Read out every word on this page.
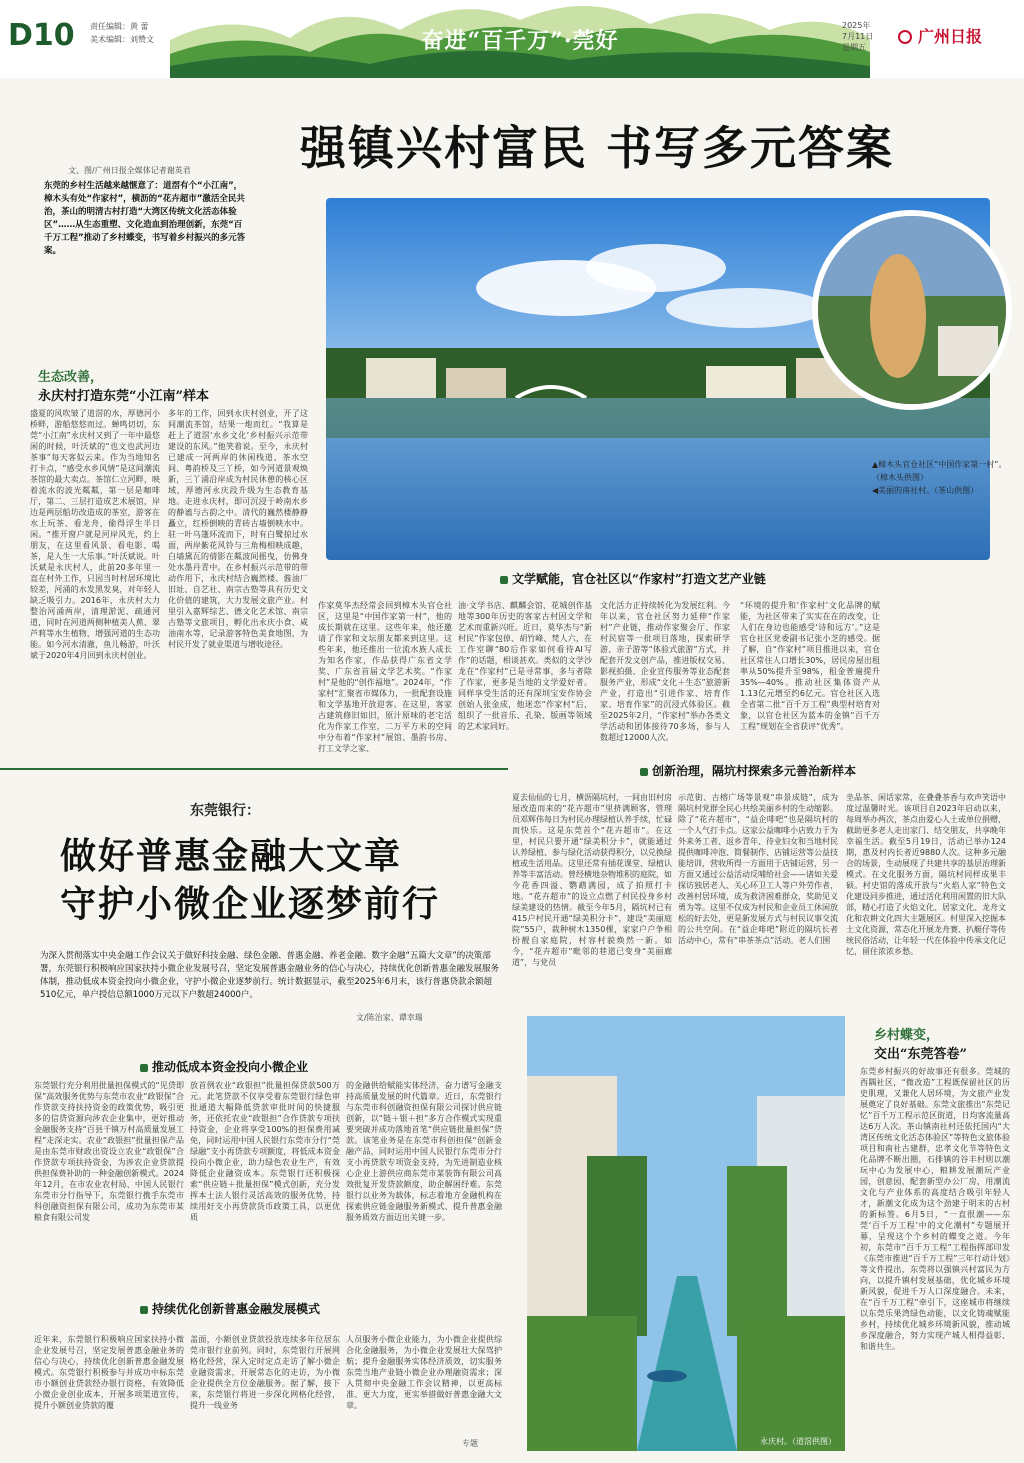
D10	责任编辑：黄 蕾
美术编辑：刘赞文	奋进“百千万”·莞好
2025年
7月11日
星期五
广州日报
强镇兴村富民 书写多元答案
文、图/广州日报全媒体记者谢英君
东莞的乡村生活越来越惬意了：道滘有个“小江南”，樟木头有处“作家村”，横沥的“花卉超市”激活全民共治，茶山的明清古村打造“大湾区传统文化活态体验区”……从生态重塑、文化造血到治理创新，东莞“百千万工程”推动了乡村蝶变，书写着乡村振兴的多元答案。
▲樟木头官仓社区“中国作家第一村”。（樟木头供图）
◀美丽的南社村。（茶山供图）
生态改善，
永庆村打造东莞“小江南”样本
盛夏的风吹皱了道滘的水，厚德河小桥畔，游船悠悠而过。蝉鸣切切，东莞“小江南”永庆村又到了一年中最悠闲的时候，叶沃斌的“也文也武河边茶事”每天客似云来。作为当地知名打卡点，“感受水乡风情”是这间潮流茶馆的最大卖点。茶馆仁立河畔，映着流水的波光粼粼，第一层是咖啡厅，第二、三层打造成艺术展馆，岸边是两层船坊改造成的茶室，游客在水上玩茶、看龙舟，偷得浮生半日闲。“推开窗户就是河岸风光，约上朋友，在这里看风景、看电影、喝茶，是人生一大乐事。”叶沃斌说。叶沃斌是永庆村人，此前20多年里一直在村外工作，只因当时村居环境比较差，河涌的水发黑发臭，对年轻人缺乏吸引力。2016年，永庆村大力整治河涌两岸，清理淤泥、疏通河道，同时在河道两侧种植美人蕉、翠芦莉等水生植物，增强河道的生态功能。如今河水清澈，鱼儿畅游，叶沃斌于2020年4月回到永庆村创业。
多年的工作，回到永庆村创业，开了这间潮流茶馆，结果一炮而红。“我算是赶上了道滘‘水乡文化’乡村振兴示范带建设的东风。”他笑着说。至今，永庆村已建成一河两岸的休闲栈道、茶水空间、粤韵桥及三丫桥，如今河道景观焕新，三丫涌沿岸成为村民休憩的核心区域，厚德河永庆段升级为生态教育基地。走进永庆村，即可沉浸于岭南水乡的静谧与古韵之中。清代的巍然楼静静矗立，红桥倒映的青砖古墙倒映水中。驻一叶乌篷环流而下，时有白鹭掠过水面，两岸紫花风铃与三角梅相映成趣，白墙黛瓦的倩影在粼波间摇曳，仿佛身处水墨丹青中。在乡村振兴示范带的带动作用下，永庆村结合巍然楼、酱油厂旧址、自艺社、南宗古塾等具有历史文化价值的建筑，大力发展文旅产业。村里引入嘉辉综艺、德文化艺术馆、南宗古塾等文旅项目，孵化出永庆小食、咸油南水等，记录游客特色美食地图，为村民开发了就业渠道与增收途径。
文学赋能，官仓社区以“作家村”打造文艺产业链
作家莫华杰经常会回到樟木头官仓社区，这里是“中国作家第一村”，他的成长期就在这里。这些年来，他还邀请了作家和文坛朋友都来到这里。这些年来，他还推出一位流水族人成长为知名作家，作品获得广东省文学奖、广东省首届文学艺术奖。“作家村”是他的“创作福地”。2024年，“作家村”汇聚省市媒体力，一批配套设施和文学基地开放迎客。在这里，客家古建筑修旧如旧，原汁原味的老宅活化为作家工作室，二万平方米的空间中分布着“作家村”展馆、墨韵书房、打工文学之家、
油·文学书店、麒麟会馆、花城创作基地等300年历史的客家古村因文学和艺术而重新兴旺。近日，莫华杰与“新村民”作家包倬、胡竹峰、梵人六，在工作室聊“80后作家如何看待AI写作”的话题，相谈甚欢。类似的文学沙龙在“作家村”已是寻常事，多与者除了作家，更多是当地的文学爱好者。同样享受生活的还有深圳宝安作协会创始人张金成，他迷恋“作家村”后，组织了一批音乐、孔染、版画等领域的艺术家同好。
文化活力正持续转化为发展红利。今年以来，官仓社区努力延伸“作家村”产业链，推动作家聚会厅、作家村民宿等一批项目落地，探索研学游、亲子游等“体验式旅游”方式，并配套开发文创产品，推进版权交易、影视拍摄、企业宣传服务等业态配套服务产业，形成“文化＋生态”旅游新产业，打造出“引进作家、培育作家、培育作家”的沉浸式体验区。截至2025年2月，“作家村”举办各类文学活动和团体接待70多场，参与人数超过12000人次。
“环境的提升和‘作家村’文化品牌的赋能，为社区带来了实实在在的改变，让人们在身边也能感受‘诗和远方’。”这是官仓社区党委副书记张小芝的感受。据了解，自“作家村”项目推进以来，官仓社区常住人口增长30%，居民房屋出租率从50%提升至98%，租金普遍提升35%—40%。推动社区集体资产从1.13亿元增至约6亿元。官仓社区入选全省第二批“百千万工程”典型村培育对象，以官仓社区为蓝本的金镇“百千万工程”规划在全省获评“优秀”。
创新治理，隔坑村探索多元善治新样本
夏去仙仙的七月，横沥隔坑村，一间由旧村房屋改造而来的“花卉超市”里挤满顾客，管理员邓辉伟每日为村民办理绿植认养手续，忙碌而快乐。这是东莞首个“花卉超市”。在这里，村民只要开通“绿美积分卡”，就能通过认养绿植、参与绿化活动获得积分，以兑换绿植或生活用品。这里还常有插花课堂、绿植认养等丰富活动。曾经横地杂物堆积的庭院，如今花香四溢、鹦鹉满园，成了拍照打卡地。“花卉超市”的设立点燃了村民投身乡村绿美建设的热情。截至今年5月，隔坑村已有415户村民开通“绿美积分卡”，建设“美丽庭院”55户，栽种树木1350棵，家家户户争相扮靓自家庭院，村容村貌焕然一新。如今，“花卉超市”毗邻的巷道已变身“美丽廊道”，与党员
示范街、古榕广场等景观“串景成链”，成为隔坑村党群全民心共绘美丽乡村的生动缩影。除了“花卉超市”，“益企啡吧”也是隔坑村的一个人气打卡点。这家公益咖啡小店致力于为外来务工者、返乡青年、待业妇女和当地村民提供咖啡冲泡、简餐制作、店铺运营等公益技能培训，营收所得一方面用于店铺运营，另一方面又通过公益活动反哺给社会——诸如关爱探访独居老人、关心环卫工人等户外劳作者，改善村居环境，成为救济困难群众，奖助见义勇为等。这里不仅成为村民和企业员工休闲放松的好去处，更是新发展方式与村民议事交流的公共空间。在“益企啡吧”附近的隔坑长者活动中心，常有“串茶茶点”活动。老人们围
坐品茶、闲话家常，在叠叠茶香与欢声笑语中度过温馨时光。该项目自2023年启动以来，每周举办两次，茶点由爱心人士或单位捐赠，截助更多老人走出家门、结交朋友，共享晚年幸福生活。截至5月19日，活动已举办124期，惠及村内长者近9880人次。这种多元融合的场景，生动展现了共建共享的基层治理新模式。在文化服务方面，隔坑村同样成果丰硕。村史馆的落成开放与“火焰人家”特色文化建设同步推进，通过活化利用闲置的旧大队部，精心打造了火焰文化、居家文化、龙舟文化和农耕文化四大主题展区。村里深入挖掘本土文化资源，常态化开展龙舟赛、扒艇仔等传统民俗活动，让年轻一代在体验中传承文化记忆，留住浓浓乡愁。
永庆村。（道滘供图）
乡村蝶变，
交出“东莞答卷”
东莞乡村振兴的好故事还有很多。莞城的西隅社区，“微改造”工程既保留社区的历史肌理，又兼化人居环境，为文旅产业发展奠定了良好基础。东莞文旅推出“东莞记忆”百千万工程示范区街道，日均客流量高达6万人次。茶山镇南社村还依托国内“大湾区传统文化活态体验区”等特色文旅体验项目和南社古建群，忠孝文化节等特色文化品牌不断出圈，石排镇的谷丰村则以潮玩中心为发展中心，粮耕发展潮玩产业园，创意园，配套新型办公厂房，用潮流文化与产业体系的高度结合吸引年轻人才，新潮文化成为这个劲建于明末的古村的新标签。6月5日，“一直很潮——东莞‘百千万工程’中的文化潮村”专题展开幕，呈现这个个乡村的蝶变之道。今年初，东莞市“百千万工程”工程指挥部印发《东莞市推进“百千万工程”三年行动计划》等文件提出，东莞将以强镇兴村富民为方向，以提升镇村发展基础，优化城乡环境新风貌，促进千万人口深度融合。未来，在“百千万工程”牵引下，这座城市将继续以东莞乐果湾绿色动能，以文化铸魂赋能乡村，持续优化城乡环境新风貌，推动城乡深度融合，努力实现产城人相得益彰、和谐共生。
东莞银行：
做好普惠金融大文章
守护小微企业逐梦前行
为深入贯彻落实中央金融工作会议关于做好科技金融、绿色金融、普惠金融、养老金融、数字金融“五篇大文章”的决策部署，东莞银行积极响应国家扶持小微企业发展号召，坚定发展普惠金融业务的信心与决心，持续优化创新普惠金融发展服务体制，推动低成本资金投向小微企业，守护小微企业逐梦前行。统计数据显示，截至2025年6月末，该行普惠贷款余额超510亿元，单户授信总额1000万元以下户数超24000户。
文/陈治家、谭幸瑞
推动低成本资金投向小微企业
东莞银行充分利用批量担保模式的“见贷即保”高效服务优势与东莞市农业“政银保”合作贷款支持扶持资金的政策优势，吸引更多的信贷资源向涉农企业集中，更好推动金融服务支持“百县千镇万村高质量发展工程”走深走实。农业“政银担”批量担保产品是由东莞市财政出资设立农业“政银保”合作贷款专项扶持资金，为涉农企业贷款提供担保费补助的一种金融创新模式。2024年12月，在市农业农村局、中国人民银行东莞市分行指导下，东莞银行携手东莞市科创融资担保有限公司，成功为东莞市某粮食有限公司发
放首例农业“政银担”批量担保贷款500万元。此笔贷款不仅享受着东莞银行绿色审批通道大幅降低贷款审批时间的快捷服务，还依托农业“政银担”合作贷款专项扶持资金，企业将享受100%的担保费用减免，同时运用中国人民银行东莞市分行“莞绿融”支小再贷款专项额度，将低成本资金投向小微企业，助力绿色农业生产，有效降低企业融资成本。东莞银行还积极探索“供应链＋批量担保”模式创新，充分发挥本土法人银行灵活高效的服务优势，持续用好支小再贷款货币政策工具，以更优质
的金融供给赋能实体经济，奋力谱写金融支持高质量发展的时代篇章。近日，东莞银行与东莞市科创融资担保有限公司探讨供应链创新，以“链＋银＋担”多方合作模式实现重要突破并成功落地首笔“供应链批量担保”贷款。该笔业务是在东莞市科创担保“创新金融产品，同时运用中国人民银行东莞市分行支小再贷款专项资金支持，为先进制造业核心企业上游供应商东莞市某装饰有限公司高效批复开发贷款额度，助企解困纾难。东莞银行以业务为载体，标志着地方金融机构在探索供应链金融服务新模式、提升普惠金融服务质效方面迈出关键一步。
持续优化创新普惠金融发展模式
近年来，东莞银行积极响应国家扶持小微企业发展号召，坚定发展普惠金融业务的信心与决心，持续优化创新普惠金融发展模式。东莞银行积极参与并成功中标东莞市小额创业贷款经办银行资格，有效降低小微企业创业成本，开展多项渠道宣传，提升小额创业贷款的覆
盖面，小额创业贷款投放连续多年位居东莞市银行业前列。同时，东莞银行开展网格化经营，深入定时定点走访了解小微企业融资需求，开展常态化的走访，为小微企业提供全方位金融服务。据了解，接下来，东莞银行将进一步深化网格化经营，提升一线业务
人员服务小微企业能力，为小微企业提供综合化金融服务，为小微企业发展壮大保驾护航；提升金融服务实体经济质效，切实服务东莞当地产业链小微企业办理融资需求；深入贯彻中央金融工作会议精神，以更高标准、更大力度，更实举措做好普惠金融大文章。
专题
